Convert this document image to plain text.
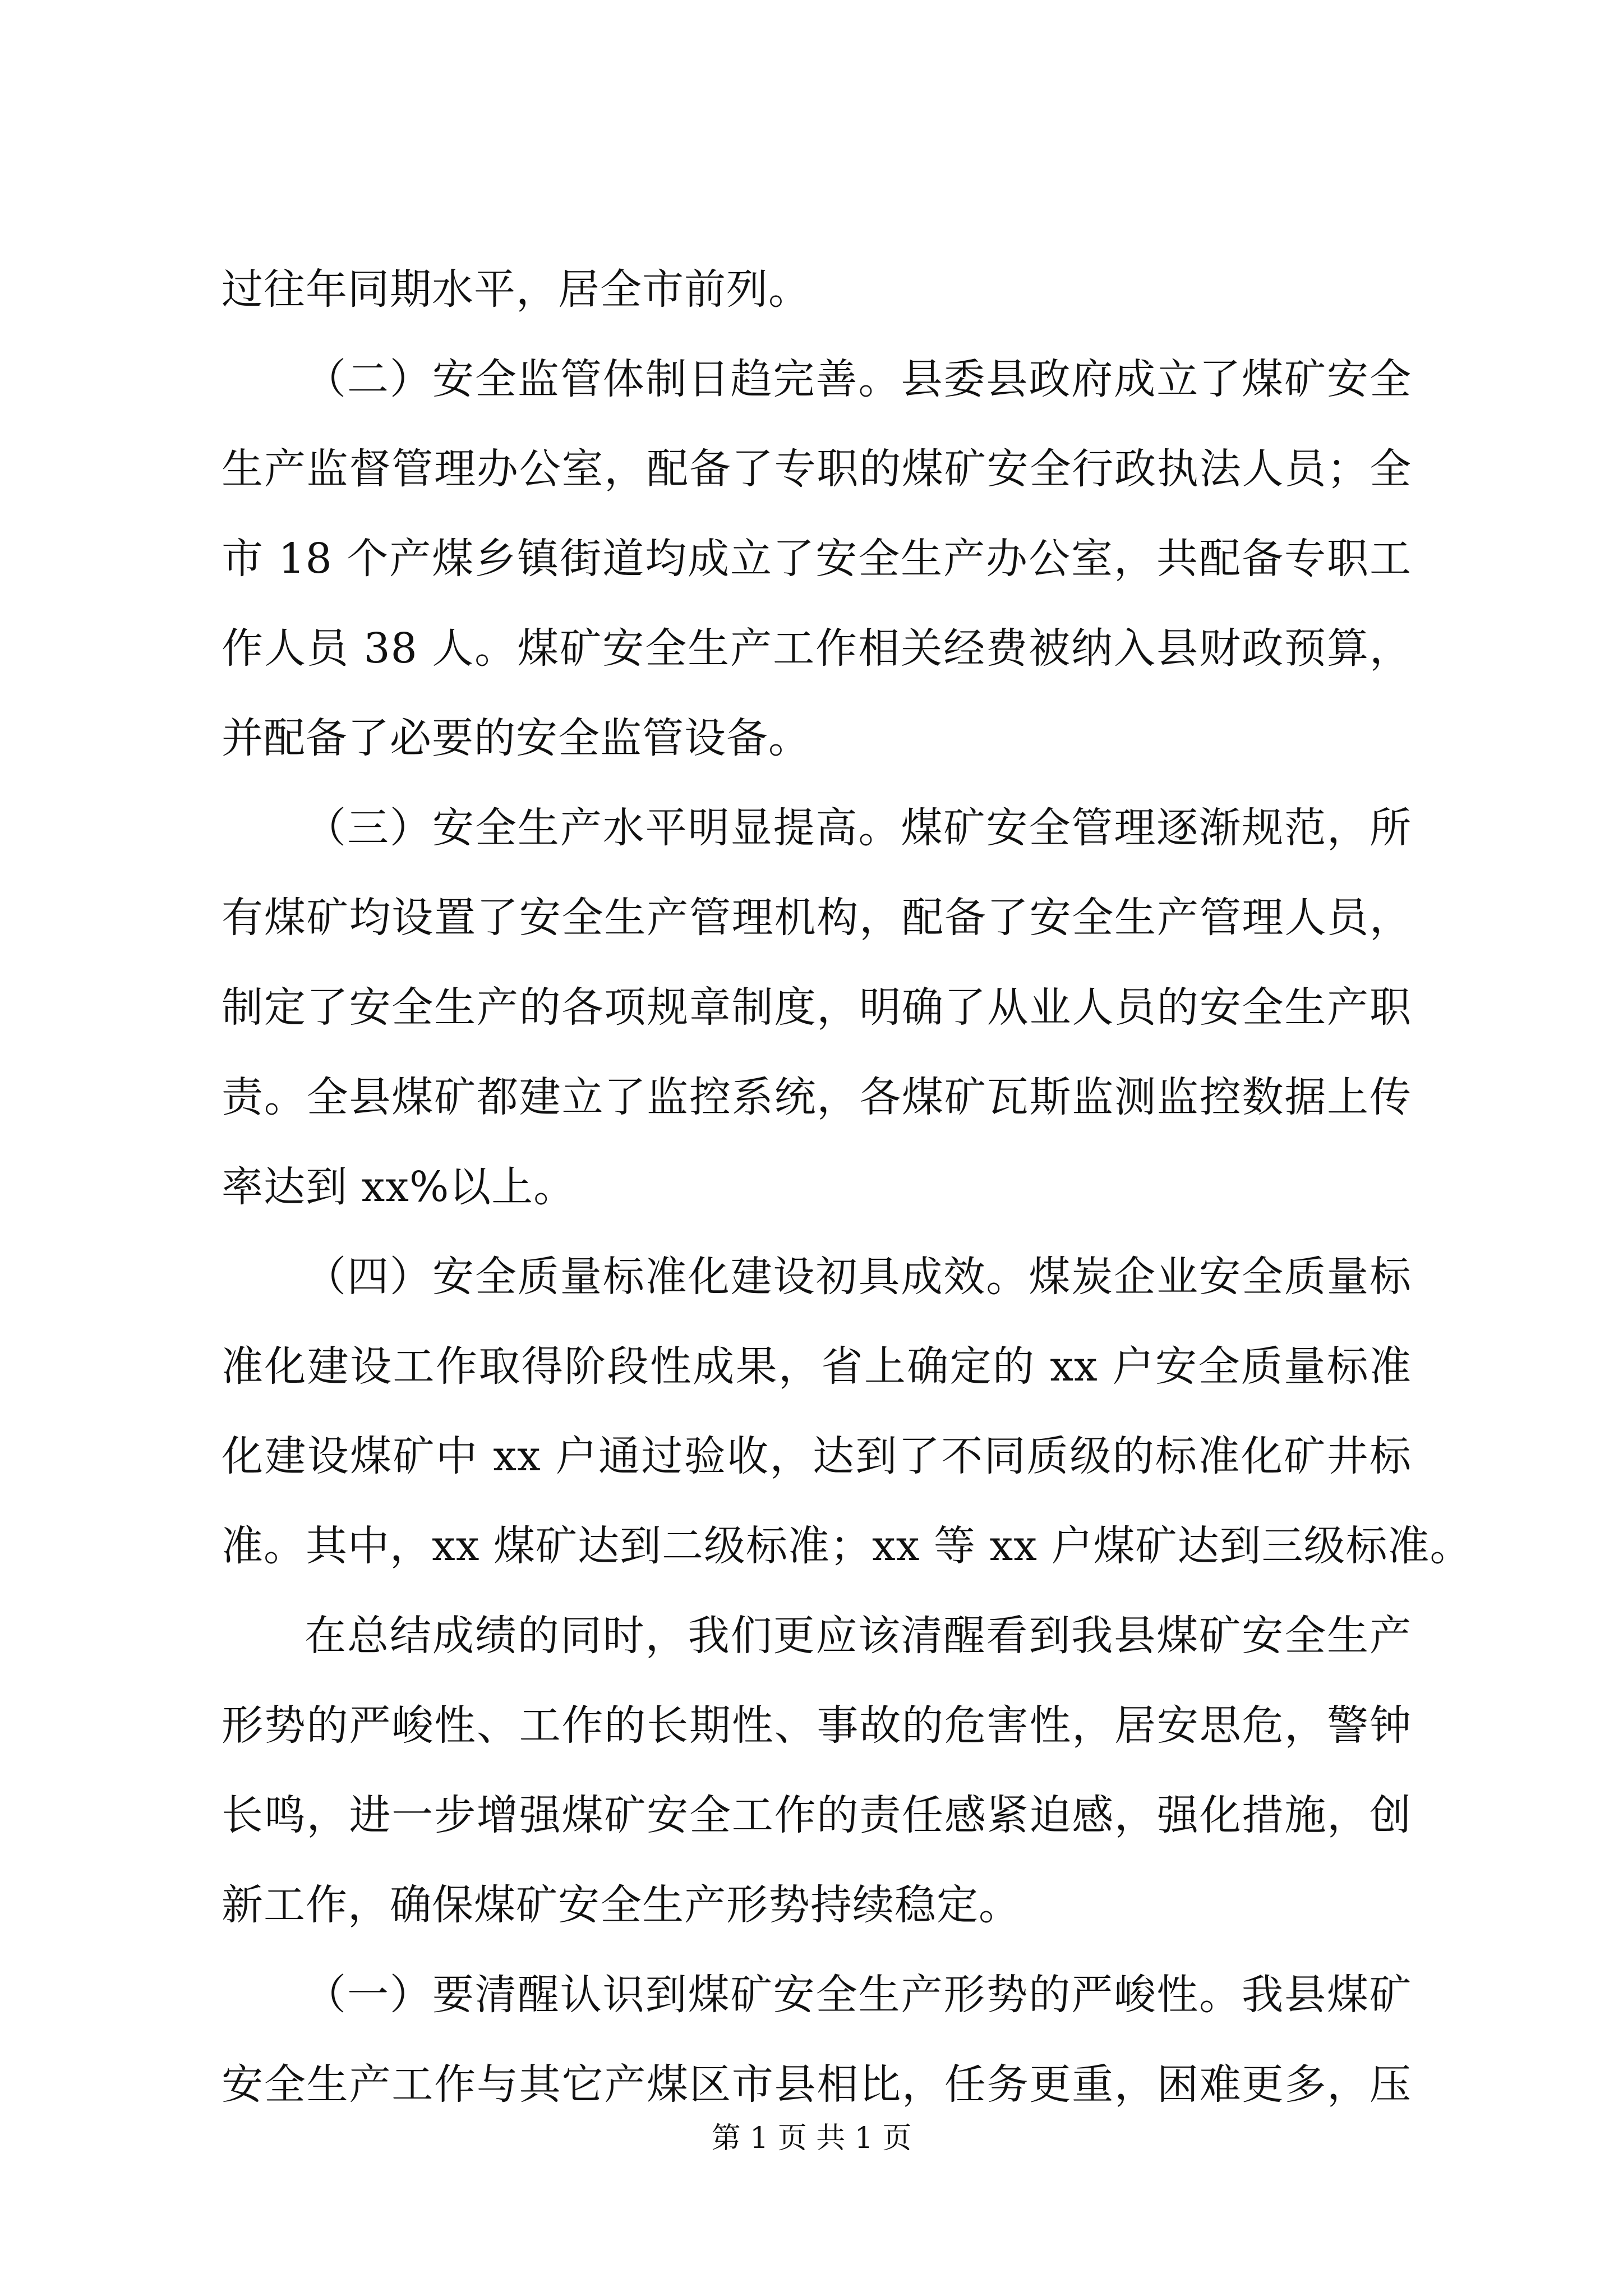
过往年同期水平，居全市前列。
（二）安全监管体制日趋完善。县委县政府成立了煤矿安全
生产监督管理办公室，配备了专职的煤矿安全行政执法人员；全
市 18 个产煤乡镇街道均成立了安全生产办公室，共配备专职工
作人员 38 人。煤矿安全生产工作相关经费被纳入县财政预算，
并配备了必要的安全监管设备。
（三）安全生产水平明显提高。煤矿安全管理逐渐规范，所
有煤矿均设置了安全生产管理机构，配备了安全生产管理人员，
制定了安全生产的各项规章制度，明确了从业人员的安全生产职
责。全县煤矿都建立了监控系统，各煤矿瓦斯监测监控数据上传
率达到 xx%以上。
（四）安全质量标准化建设初具成效。煤炭企业安全质量标
准化建设工作取得阶段性成果，省上确定的 xx 户安全质量标准
化建设煤矿中 xx 户通过验收，达到了不同质级的标准化矿井标
准。其中，xx 煤矿达到二级标准；xx 等 xx 户煤矿达到三级标准。
在总结成绩的同时，我们更应该清醒看到我县煤矿安全生产
形势的严峻性、工作的长期性、事故的危害性，居安思危，警钟
长鸣，进一步增强煤矿安全工作的责任感紧迫感，强化措施，创
新工作，确保煤矿安全生产形势持续稳定。
（一）要清醒认识到煤矿安全生产形势的严峻性。我县煤矿
安全生产工作与其它产煤区市县相比，任务更重，困难更多，压
第 1 页 共 1 页
